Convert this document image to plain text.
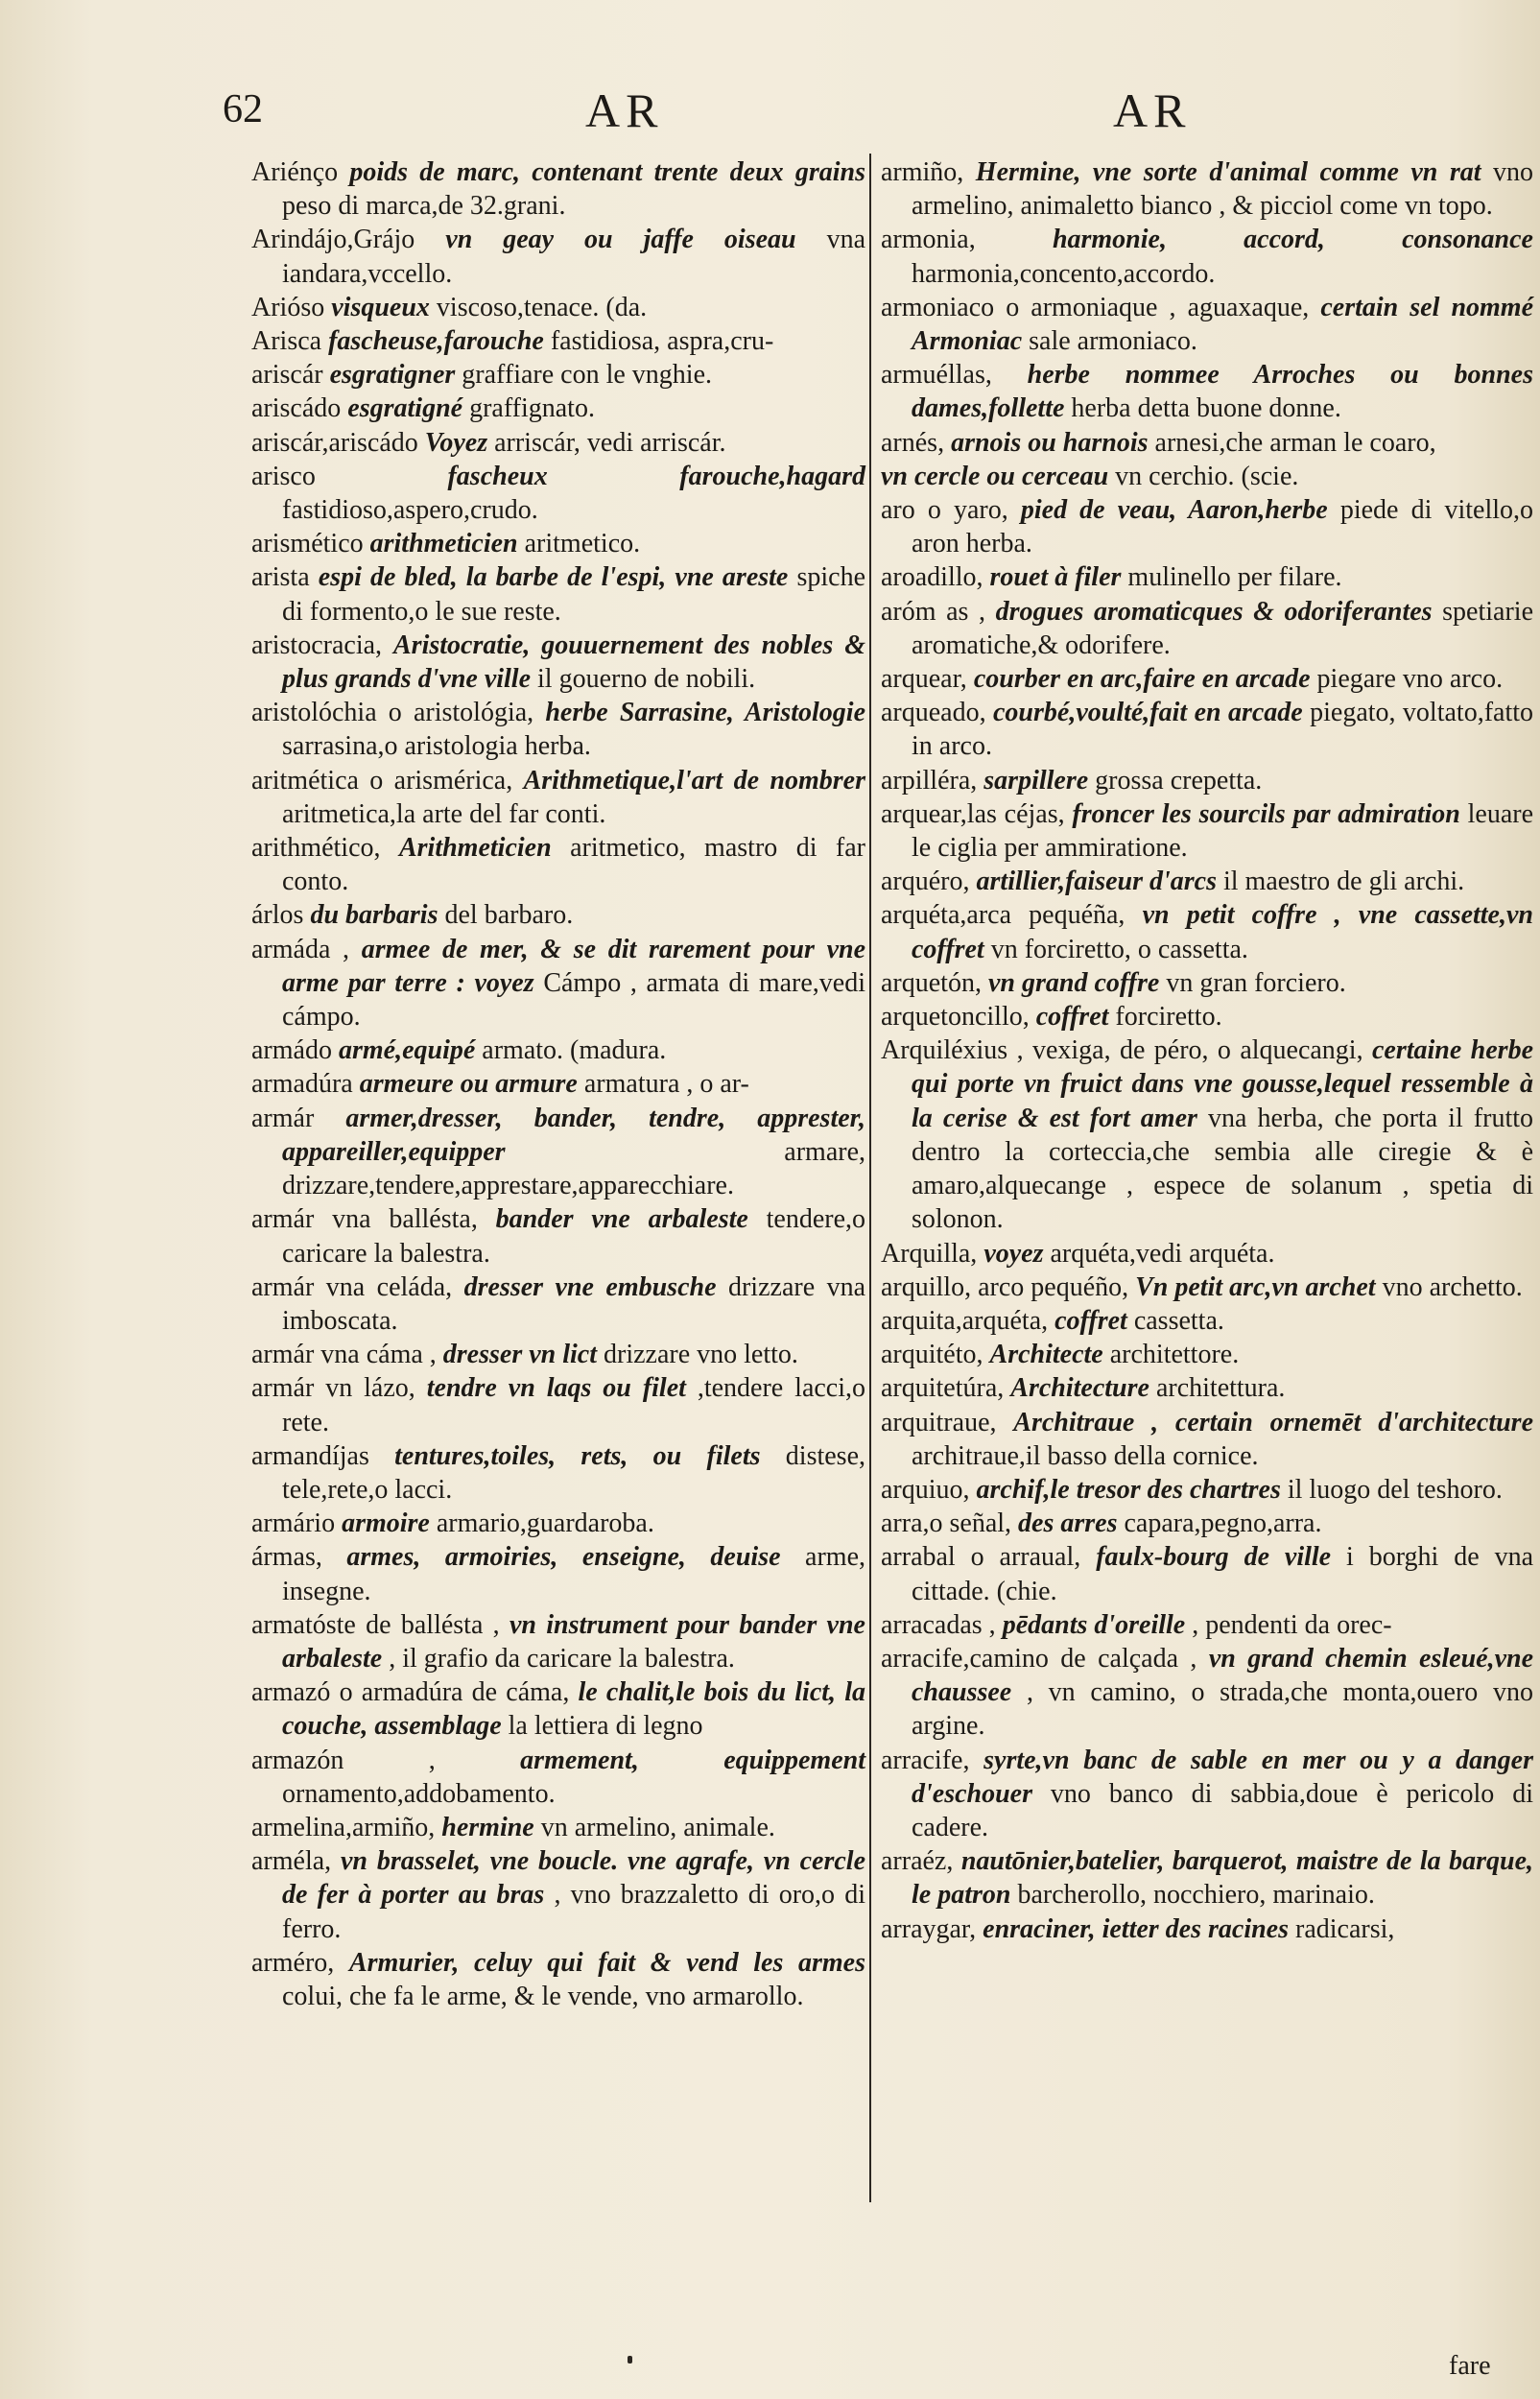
62	AR	AR

Ariénço poids de marc, contenant trente deux grains peso di marca,de 32.grani.

Arindájo,Grájo vn geay ou jaffe oiseau vna iandara,vccello.

Arióso visqueux viscoso,tenace. (da.

Arisca fascheuse,farouche fastidiosa, aspra,cru-

ariscár esgratigner graffiare con le vnghie.

ariscádo esgratigné graffignato.

ariscár,ariscádo Voyez arriscár, vedi arriscár.

arisco	fascheux farouche,hagard fastidioso,aspero,crudo.

arismético arithmeticien aritmetico.

arista espi de bled, la barbe de l'espi, vne areste spiche di formento,o le sue reste.

aristocracia, Aristocratie, gouuernement des nobles & plus grands d'vne ville il gouerno de nobili.

aristolóchia o aristológia, herbe Sarrasine, Aristologie sarrasina,o aristologia herba.

aritmética o arismérica, Arithmetique,l'art de nombrer aritmetica,la arte del far conti.

arithmético, Arithmeticien aritmetico, mastro di far conto.

árlos du barbaris del barbaro.

armáda , armee de mer, & se dit rarement pour vne arme par terre : voyez Cámpo , armata di mare,vedi cámpo.

armádo armé,equipé armato. (madura.

armadúra armeure ou armure armatura , o ar-

armár armer,dresser, bander, tendre, apprester, appareiller,equipper	armare, drizzare,tendere,apprestare,apparecchiare.

armár vna ballésta, bander vne arbaleste tendere,o caricare la balestra.

armár vna celáda, dresser vne embusche drizzare vna imboscata.

armár vna cáma , dresser vn lict drizzare vno letto.

armár vn lázo, tendre vn laqs ou filet ,tendere lacci,o rete.

armandíjas tentures,toiles, rets, ou filets distese, tele,rete,o lacci.

armário armoire armario,guardaroba.

ármas, armes, armoiries, enseigne, deuise arme, insegne.

armatóste de ballésta , vn instrument pour bander vne arbaleste , il grafio da caricare la balestra.

armazó o armadúra de cáma, le chalit,le bois du lict, la couche, assemblage la lettiera di legno

armazón ,	armement, equippement ornamento,addobamento.

armelina,armiño, hermine vn armelino, animale.

arméla, vn brasselet, vne boucle. vne agrafe, vn cercle de fer à porter au bras , vno brazzaletto di oro,o di ferro.

arméro, Armurier, celuy qui fait & vend les armes colui, che fa le arme, & le vende, vno armarollo.

armiño, Hermine, vne sorte d'animal comme vn rat vno armelino, animaletto bianco , & picciol come vn topo.

armonia,	harmonie, accord, consonance harmonia,concento,accordo.

armoniaco o armoniaque , aguaxaque, certain sel nommé Armoniac sale armoniaco.

armuéllas, herbe nommee Arroches ou bonnes dames,follette herba detta buone donne.

arnés, arnois ou harnois arnesi,che arman le coaro,

vn cercle ou cerceau vn cerchio. (scie.

aro o yaro, pied de veau, Aaron,herbe piede di vitello,o aron herba.

aroadillo, rouet à filer mulinello per filare.

aróm as , drogues aromaticques & odoriferantes spetiarie aromatiche,& odorifere.

arquear, courber en arc,faire en arcade piegare vno arco.

arqueado, courbé,voulté,fait en arcade piegato, voltato,fatto in arco.

arpilléra, sarpillere grossa crepetta.

arquear,las céjas, froncer les sourcils par admiration leuare le ciglia per ammiratione.

arquéro, artillier,faiseur d'arcs il maestro de gli archi.

arquéta,arca pequéña, vn petit coffre , vne cassette,vn coffret vn forciretto, o cassetta.

arquetón, vn grand coffre vn gran forciero.

arquetoncillo, coffret forciretto.

Arquiléxius , vexiga, de péro, o alquecangi, certaine herbe qui porte vn fruict dans vne gousse,lequel ressemble à la cerise & est fort amer vna herba, che porta il frutto dentro la corteccia,che sembia alle ciregie & è amaro,alquecange , espece de solanum , spetia di solonon.

Arquilla, voyez arquéta,vedi arquéta.

arquillo, arco pequéño, Vn petit arc,vn archet vno archetto.

arquita,arquéta, coffret cassetta.

arquitéto, Architecte architettore.

arquitetúra, Architecture architettura.

arquitraue, Architraue , certain ornemēt d'architecture architraue,il basso della cornice.

arquiuo, archif,le tresor des chartres il luogo del teshoro.

arra,o señal, des arres capara,pegno,arra.

arrabal o arraual, faulx-bourg de ville i borghi de vna cittade. (chie.

arracadas , pēdants d'oreille , pendenti da orec-

arracife,camino de calçada , vn grand chemin esleué,vne chaussee , vn camino, o strada,che monta,ouero vno argine.

arracife, syrte,vn banc de sable en mer ou y a danger d'eschouer vno banco di sabbia,doue è pericolo di cadere.

arraéz, nautōnier,batelier, barquerot, maistre de la barque, le patron barcherollo, nocchiero, marinaio.

arraygar, enraciner, ietter des racines radicarsi,

fare
